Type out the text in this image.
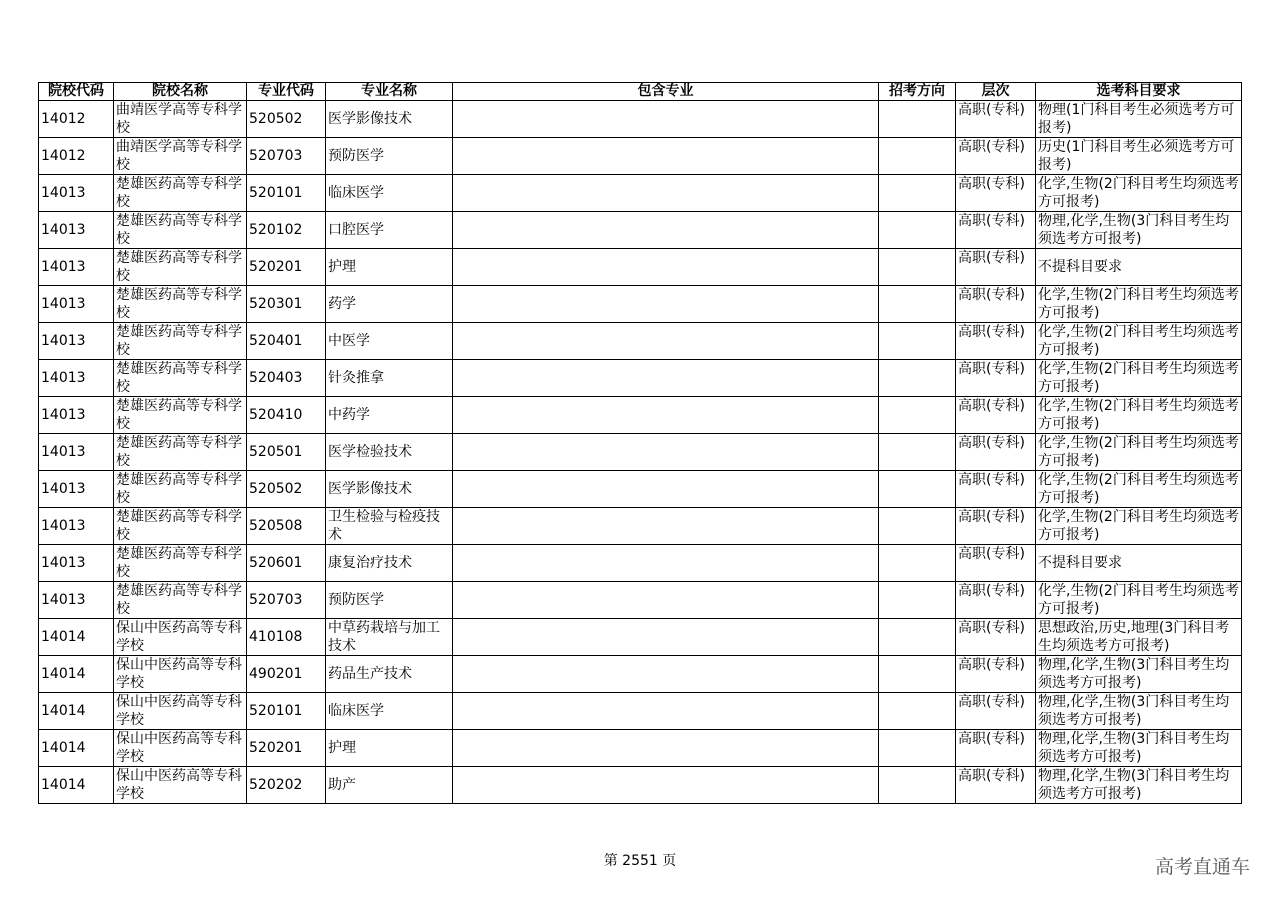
院校代码	院校名称	专业代码	专业名称	包含专业	招考方向	层次	选考科目要求
14012	曲靖医学高等专科学校	520502	医学影像技术			高职(专科)	物理(1门科目考生必须选考方可报考)
14012	曲靖医学高等专科学校	520703	预防医学			高职(专科)	历史(1门科目考生必须选考方可报考)
14013	楚雄医药高等专科学校	520101	临床医学			高职(专科)	化学,生物(2门科目考生均须选考方可报考)
14013	楚雄医药高等专科学校	520102	口腔医学			高职(专科)	物理,化学,生物(3门科目考生均须选考方可报考)
14013	楚雄医药高等专科学校	520201	护理			高职(专科)	不提科目要求
14013	楚雄医药高等专科学校	520301	药学			高职(专科)	化学,生物(2门科目考生均须选考方可报考)
14013	楚雄医药高等专科学校	520401	中医学			高职(专科)	化学,生物(2门科目考生均须选考方可报考)
14013	楚雄医药高等专科学校	520403	针灸推拿			高职(专科)	化学,生物(2门科目考生均须选考方可报考)
14013	楚雄医药高等专科学校	520410	中药学			高职(专科)	化学,生物(2门科目考生均须选考方可报考)
14013	楚雄医药高等专科学校	520501	医学检验技术			高职(专科)	化学,生物(2门科目考生均须选考方可报考)
14013	楚雄医药高等专科学校	520502	医学影像技术			高职(专科)	化学,生物(2门科目考生均须选考方可报考)
14013	楚雄医药高等专科学校	520508	卫生检验与检疫技术			高职(专科)	化学,生物(2门科目考生均须选考方可报考)
14013	楚雄医药高等专科学校	520601	康复治疗技术			高职(专科)	不提科目要求
14013	楚雄医药高等专科学校	520703	预防医学			高职(专科)	化学,生物(2门科目考生均须选考方可报考)
14014	保山中医药高等专科学校	410108	中草药栽培与加工技术			高职(专科)	思想政治,历史,地理(3门科目考生均须选考方可报考)
14014	保山中医药高等专科学校	490201	药品生产技术			高职(专科)	物理,化学,生物(3门科目考生均须选考方可报考)
14014	保山中医药高等专科学校	520101	临床医学			高职(专科)	物理,化学,生物(3门科目考生均须选考方可报考)
14014	保山中医药高等专科学校	520201	护理			高职(专科)	物理,化学,生物(3门科目考生均须选考方可报考)
14014	保山中医药高等专科学校	520202	助产			高职(专科)	物理,化学,生物(3门科目考生均须选考方可报考)
第 2551 页	高考直通车
